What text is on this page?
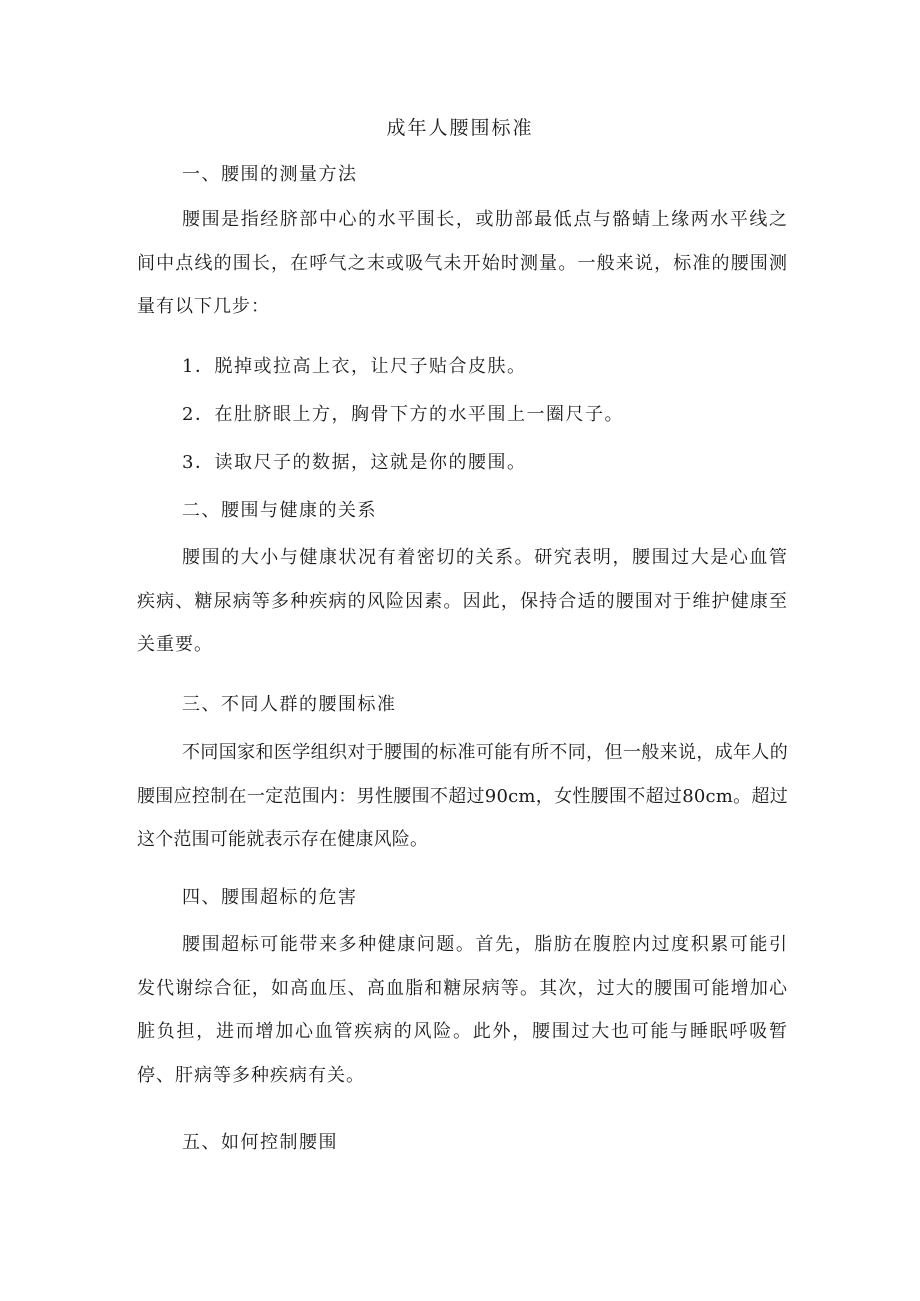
成年人腰围标准
一、腰围的测量方法
腰围是指经脐部中心的水平围长，或肋部最低点与骼蜻上缘两水平线之间中点线的围长，在呼气之末或吸气未开始时测量。一般来说，标准的腰围测量有以下几步：
1．脱掉或拉高上衣，让尺子贴合皮肤。
2．在肚脐眼上方，胸骨下方的水平围上一圈尺子。
3．读取尺子的数据，这就是你的腰围。
二、腰围与健康的关系
腰围的大小与健康状况有着密切的关系。研究表明，腰围过大是心血管疾病、糖尿病等多种疾病的风险因素。因此，保持合适的腰围对于维护健康至关重要。
三、不同人群的腰围标准
不同国家和医学组织对于腰围的标准可能有所不同，但一般来说，成年人的腰围应控制在一定范围内：男性腰围不超过90cm，女性腰围不超过80cm。超过这个范围可能就表示存在健康风险。
四、腰围超标的危害
腰围超标可能带来多种健康问题。首先，脂肪在腹腔内过度积累可能引发代谢综合征，如高血压、高血脂和糖尿病等。其次，过大的腰围可能增加心脏负担，进而增加心血管疾病的风险。此外，腰围过大也可能与睡眠呼吸暂停、肝病等多种疾病有关。
五、如何控制腰围
